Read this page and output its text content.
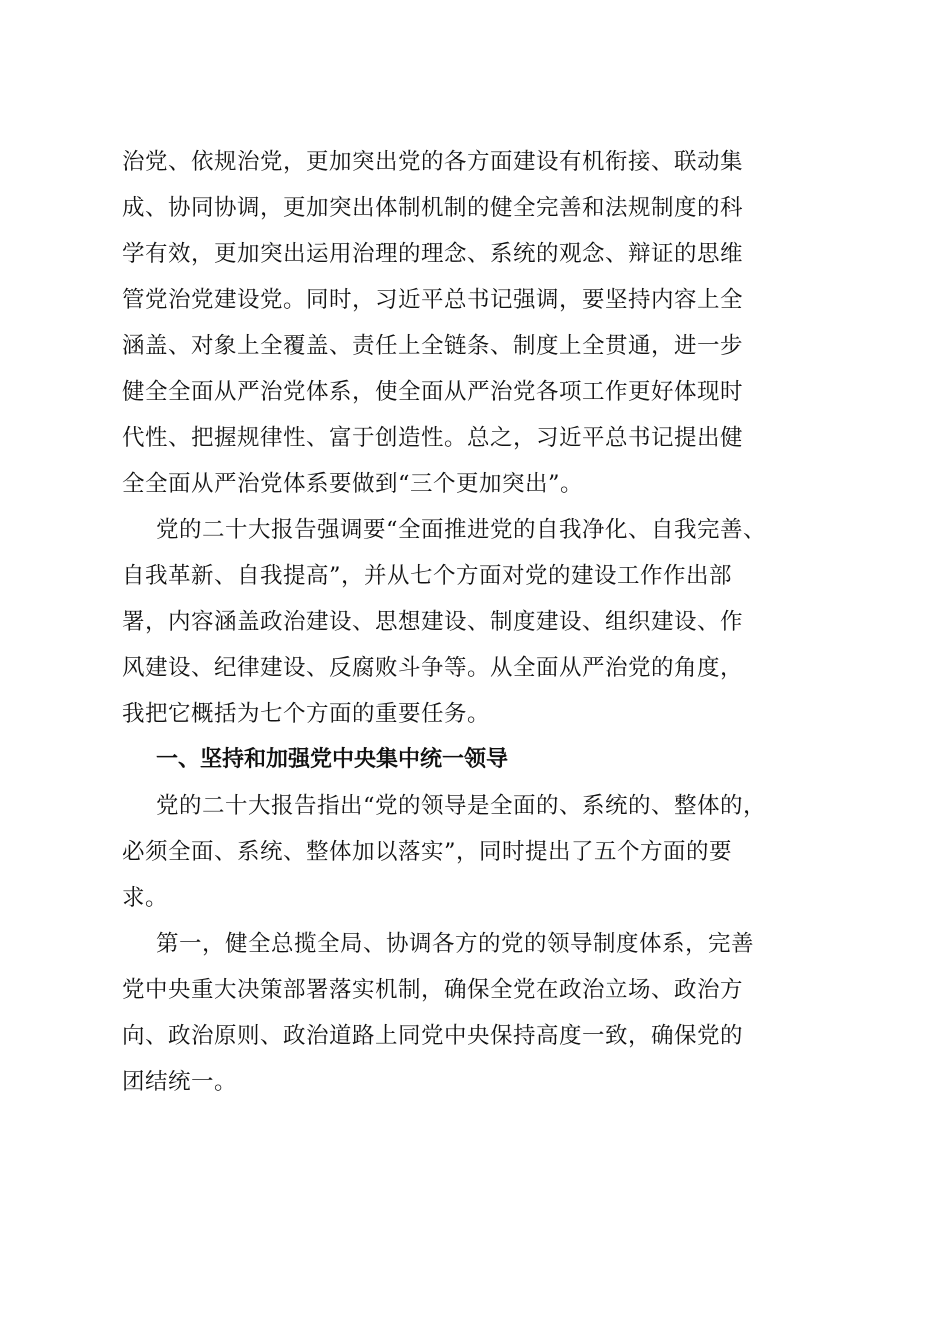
治党、依规治党，更加突出党的各方面建设有机衔接、联动集
成、协同协调，更加突出体制机制的健全完善和法规制度的科
学有效，更加突出运用治理的理念、系统的观念、辩证的思维
管党治党建设党。同时，习近平总书记强调，要坚持内容上全
涵盖、对象上全覆盖、责任上全链条、制度上全贯通，进一步
健全全面从严治党体系，使全面从严治党各项工作更好体现时
代性、把握规律性、富于创造性。总之，习近平总书记提出健
全全面从严治党体系要做到“三个更加突出”。
党的二十大报告强调要“全面推进党的自我净化、自我完善、
自我革新、自我提高”，并从七个方面对党的建设工作作出部
署，内容涵盖政治建设、思想建设、制度建设、组织建设、作
风建设、纪律建设、反腐败斗争等。从全面从严治党的角度，
我把它概括为七个方面的重要任务。
一、坚持和加强党中央集中统一领导
党的二十大报告指出“党的领导是全面的、系统的、整体的，
必须全面、系统、整体加以落实”，同时提出了五个方面的要
求。
第一，健全总揽全局、协调各方的党的领导制度体系，完善
党中央重大决策部署落实机制，确保全党在政治立场、政治方
向、政治原则、政治道路上同党中央保持高度一致，确保党的
团结统一。
